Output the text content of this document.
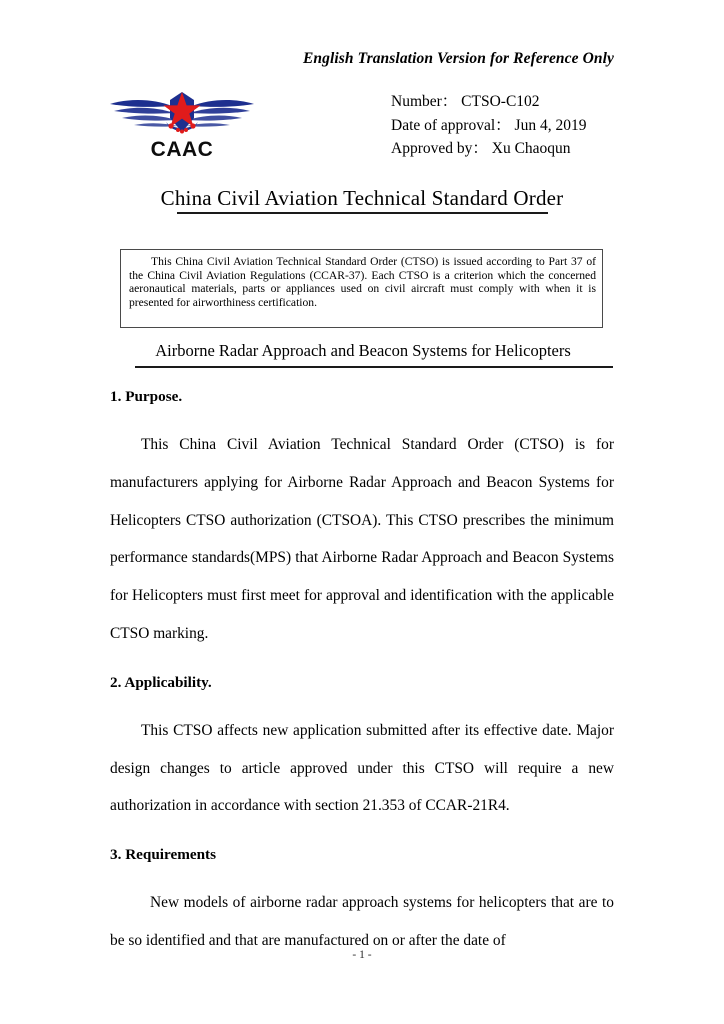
English Translation Version for Reference Only
CAAC
Number： CTSO-C102
Date of approval： Jun 4, 2019
Approved by： Xu Chaoqun
China Civil Aviation Technical Standard Order
This China Civil Aviation Technical Standard Order (CTSO) is issued according to Part 37 of the China Civil Aviation Regulations (CCAR-37). Each CTSO is a criterion which the concerned aeronautical materials, parts or appliances used on civil aircraft must comply with when it is presented for airworthiness certification.
Airborne Radar Approach and Beacon Systems for Helicopters
1. Purpose.

This China Civil Aviation Technical Standard Order (CTSO) is for manufacturers applying for Airborne Radar Approach and Beacon Systems for Helicopters CTSO authorization (CTSOA). This CTSO prescribes the minimum performance standards(MPS) that Airborne Radar Approach and Beacon Systems for Helicopters must first meet for approval and identification with the applicable CTSO marking.

2. Applicability.

This CTSO affects new application submitted after its effective date. Major design changes to article approved under this CTSO will require a new authorization in accordance with section 21.353 of CCAR-21R4.

3. Requirements

New models of airborne radar approach systems for helicopters that are to be so identified and that are manufactured on or after the date of

- 1 -
